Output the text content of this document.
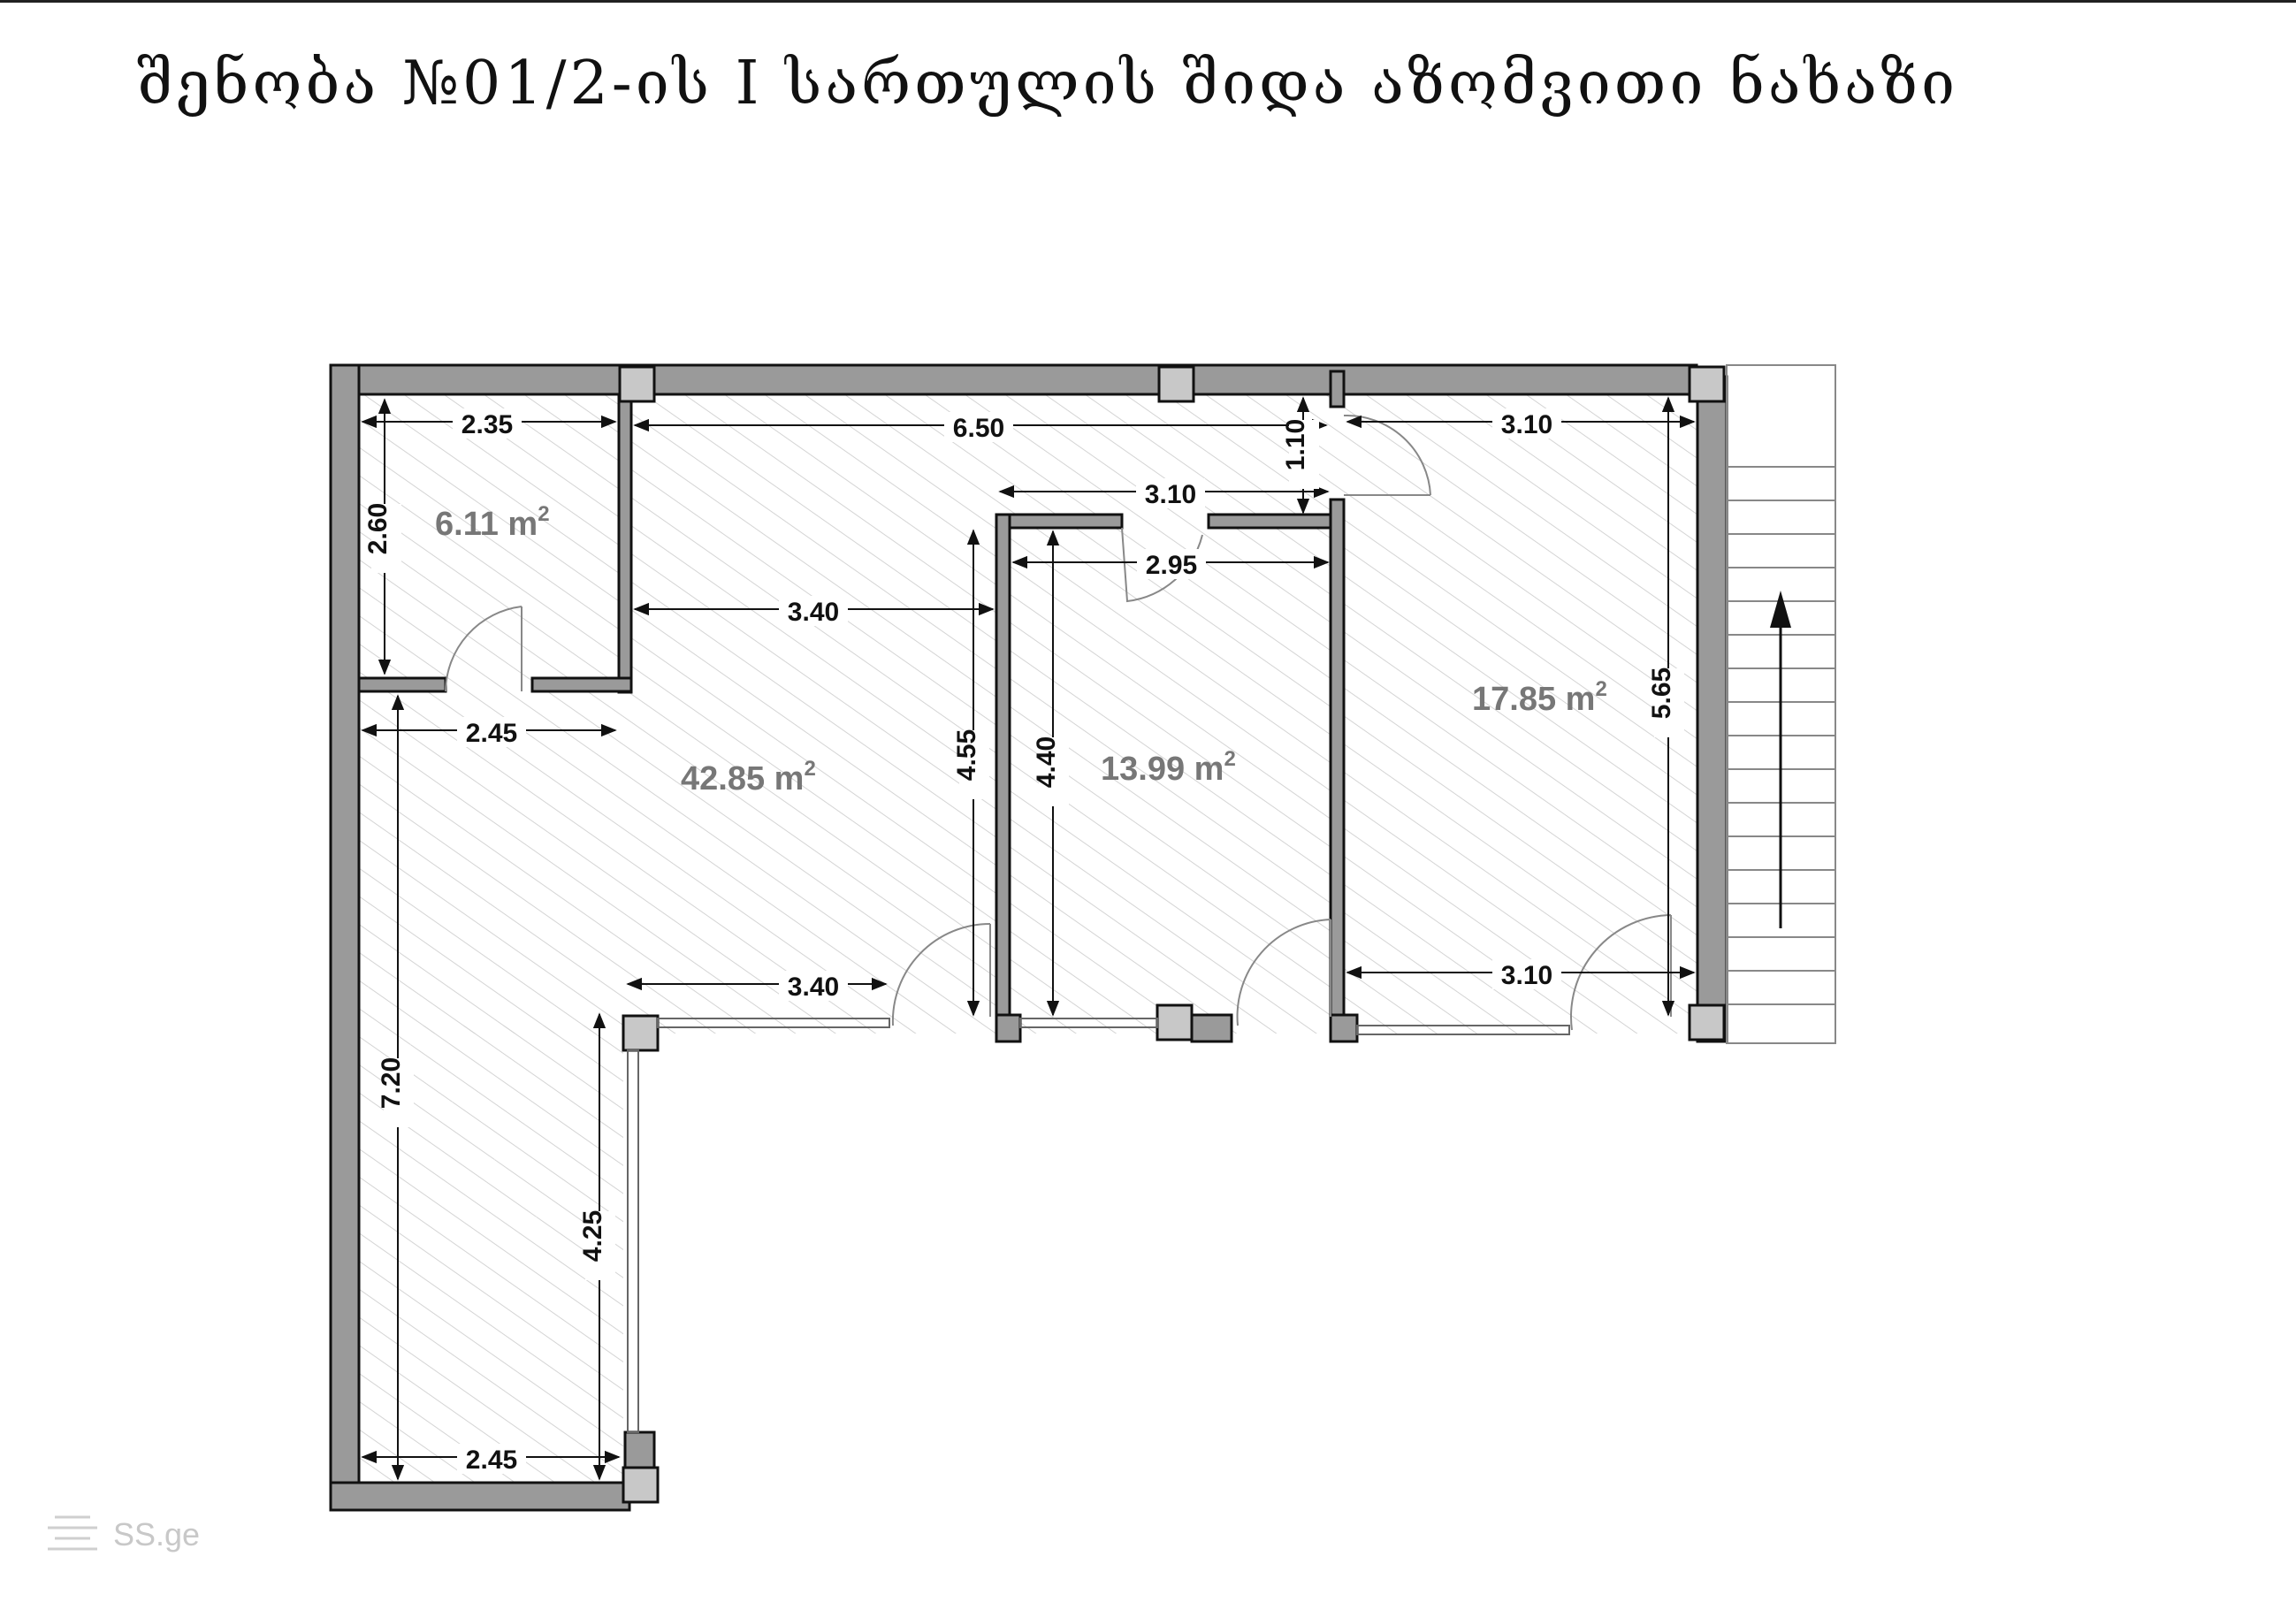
შენობა №01/2-ის I სართულის შიდა აზომვითი ნახაზი
2.35
2.60
6.50	1.10	3.10
3.10
2.95
3.40
2.45	4.55 4.40
5.65
3.40	3.10
7.20
4.25
2.45
6.11 $m^2$
42.85 $m^2$	13.99 $m^2$
17.85 $m^2$
SS.ge
